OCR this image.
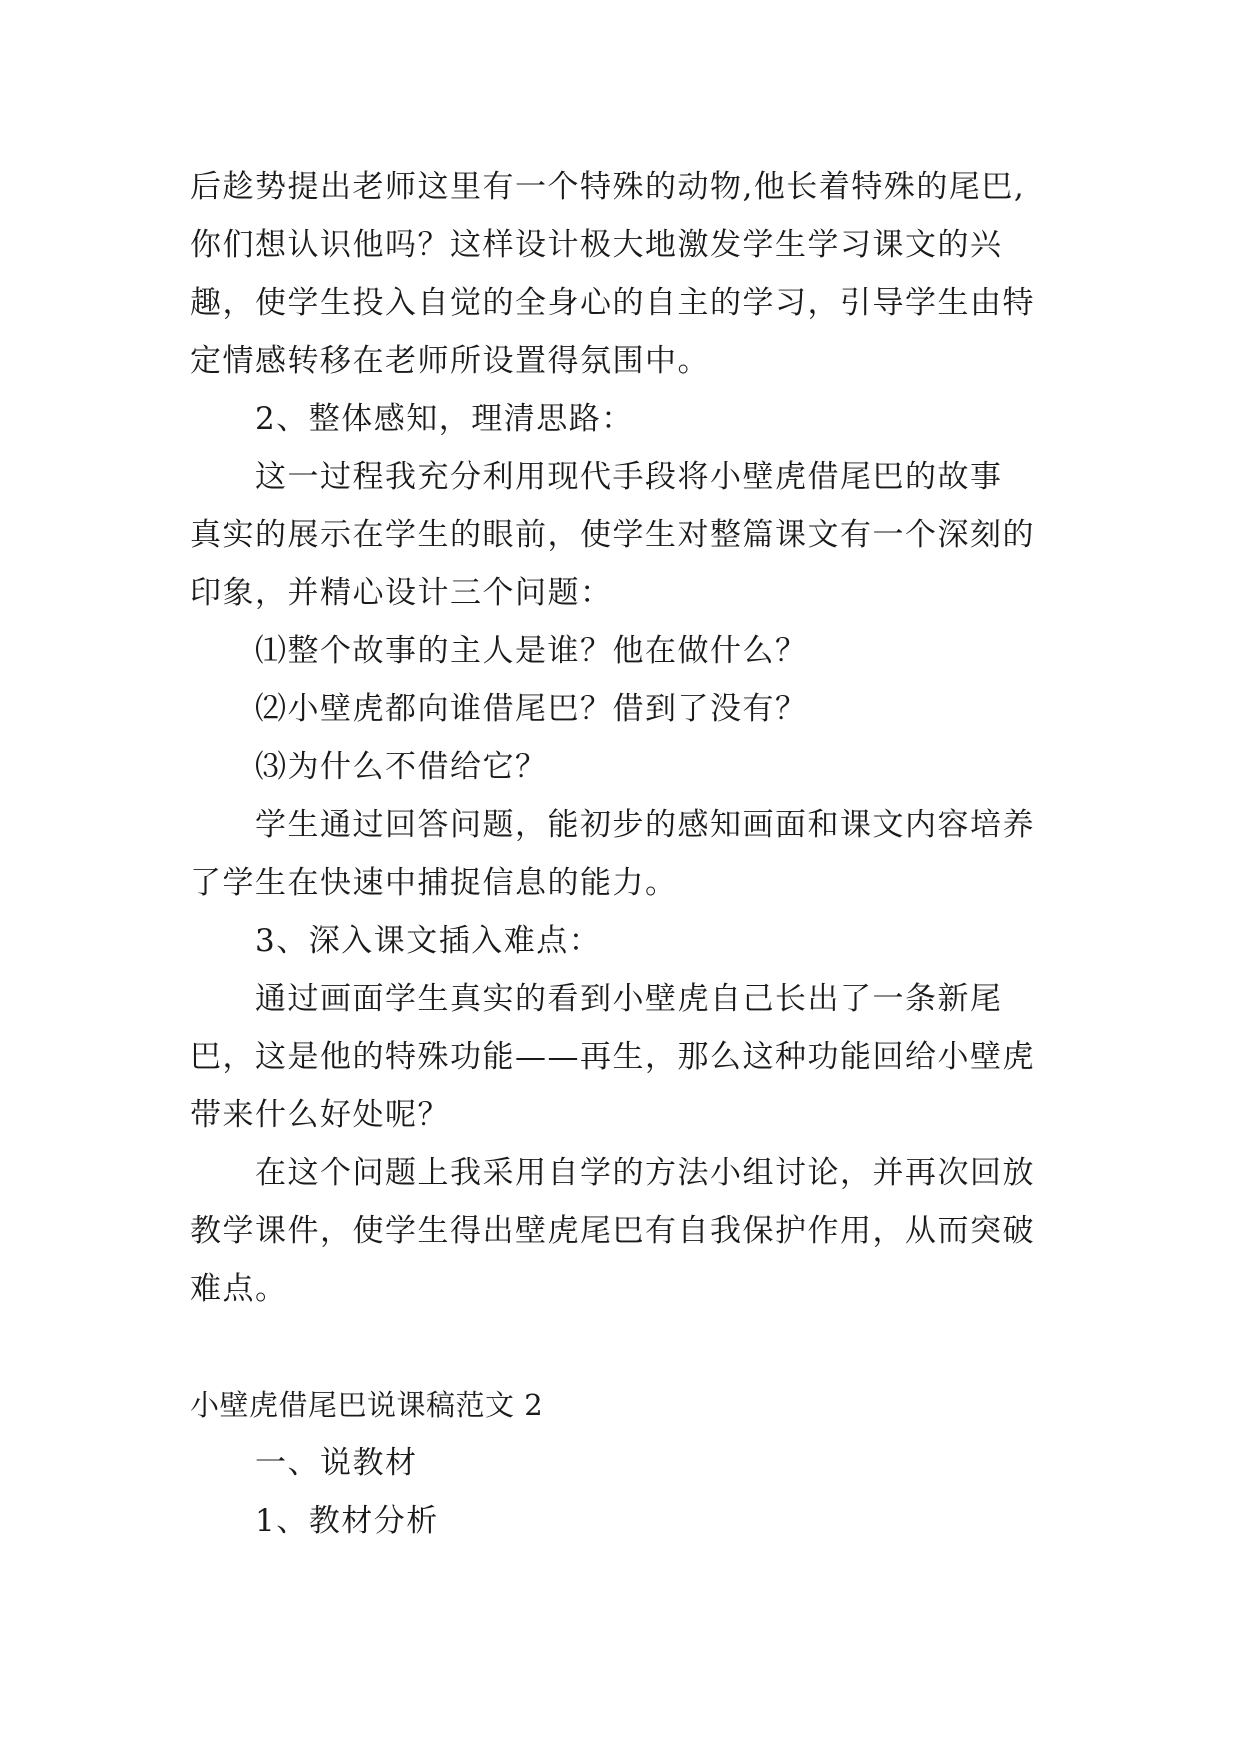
后趁势提出老师这里有一个特殊的动物,他长着特殊的尾巴,
你们想认识他吗？这样设计极大地激发学生学习课文的兴
趣，使学生投入自觉的全身心的自主的学习，引导学生由特
定情感转移在老师所设置得氛围中。
2、整体感知，理清思路：
这一过程我充分利用现代手段将小壁虎借尾巴的故事
真实的展示在学生的眼前，使学生对整篇课文有一个深刻的
印象，并精心设计三个问题：
⑴整个故事的主人是谁？他在做什么？
⑵小壁虎都向谁借尾巴？借到了没有？
⑶为什么不借给它？
学生通过回答问题，能初步的感知画面和课文内容培养
了学生在快速中捕捉信息的能力。
3、深入课文插入难点：
通过画面学生真实的看到小壁虎自己长出了一条新尾
巴，这是他的特殊功能——再生，那么这种功能回给小壁虎
带来什么好处呢？
在这个问题上我采用自学的方法小组讨论，并再次回放
教学课件，使学生得出壁虎尾巴有自我保护作用，从而突破
难点。
小壁虎借尾巴说课稿范文 2
一、说教材
1、教材分析
